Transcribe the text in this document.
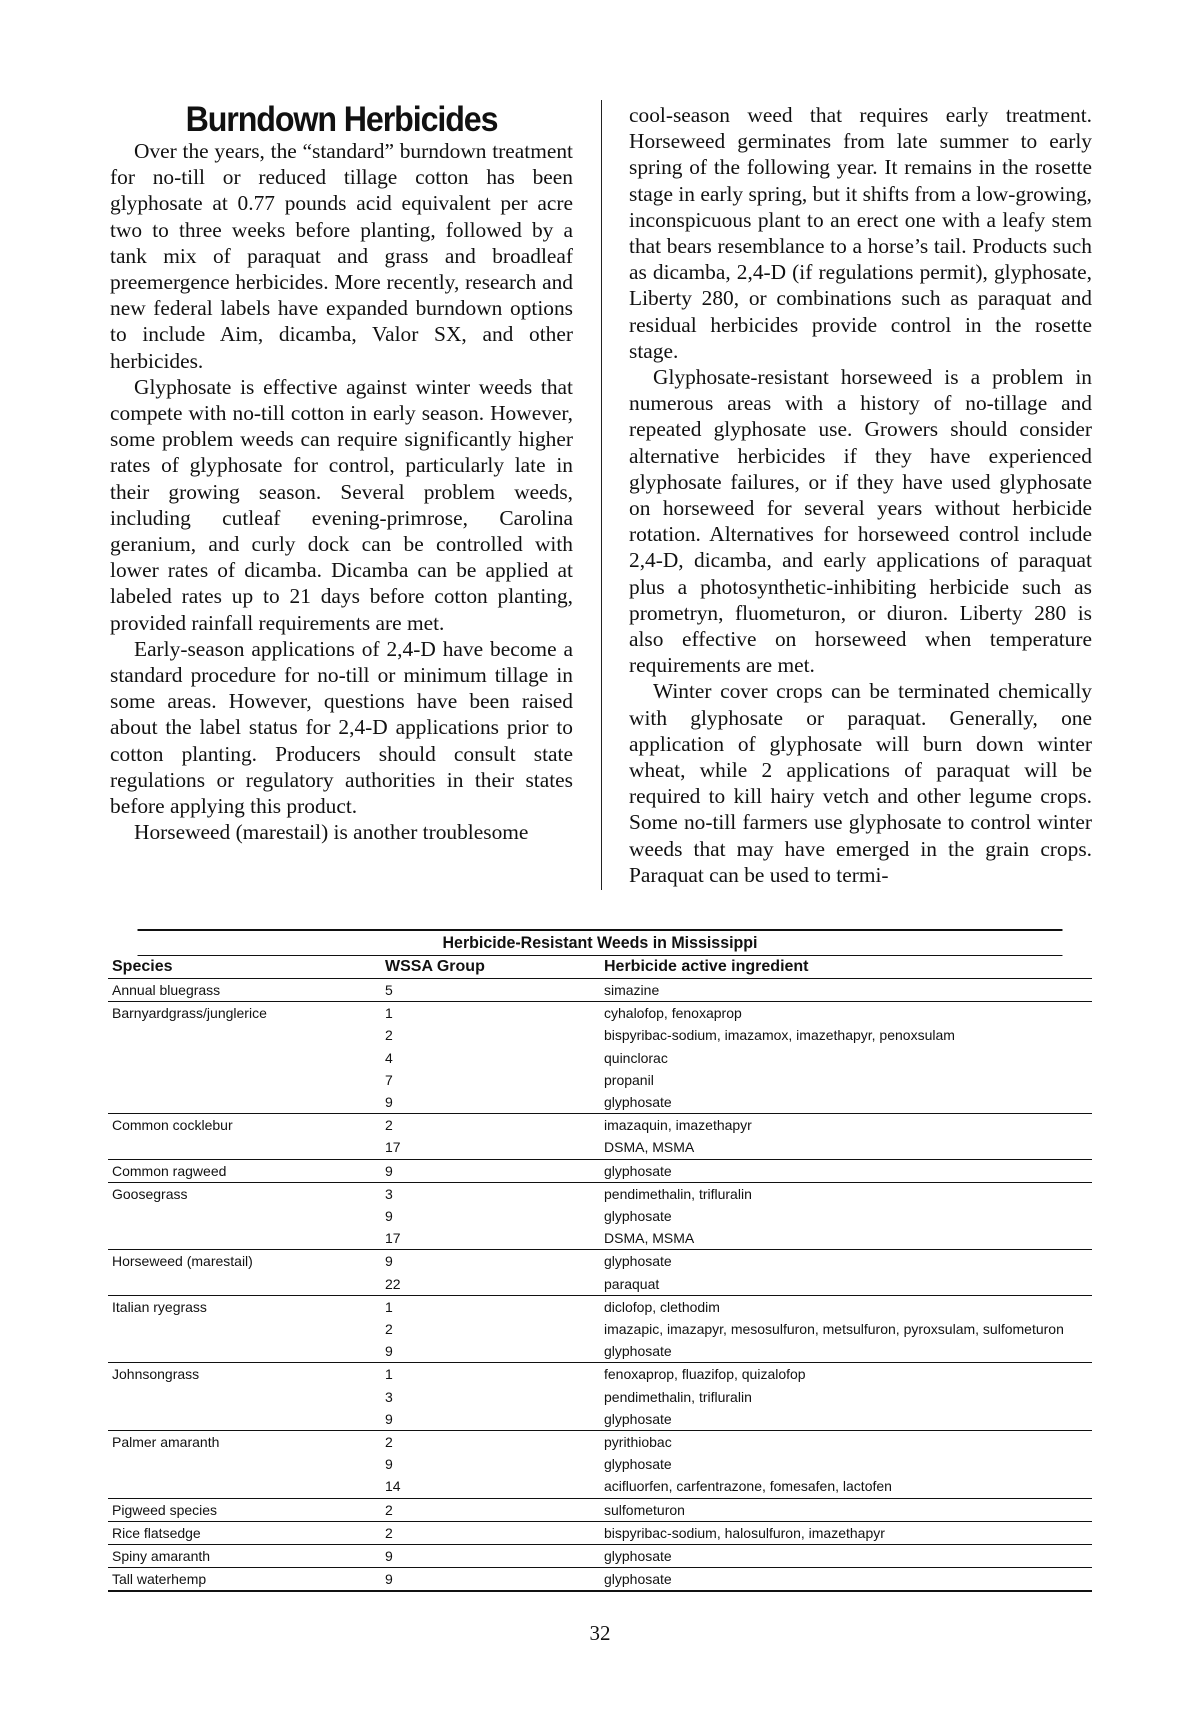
Burndown Herbicides

Over the years, the “standard” burndown treatment for no-till or reduced tillage cotton has been glyphosate at 0.77 pounds acid equivalent per acre two to three weeks before planting, followed by a tank mix of paraquat and grass and broadleaf preemergence herbicides. More recently, research and new federal labels have expanded burndown options to include Aim, dicamba, Valor SX, and other herbicides.

Glyphosate is effective against winter weeds that compete with no-till cotton in early season. However, some problem weeds can require significantly higher rates of glyphosate for control, particularly late in their growing season. Several problem weeds, including cutleaf evening-primrose, Carolina geranium, and curly dock can be controlled with lower rates of dicamba. Dicamba can be applied at labeled rates up to 21 days before cotton planting, provided rainfall requirements are met.

Early-season applications of 2,4-D have become a standard procedure for no-till or minimum tillage in some areas. However, questions have been raised about the label status for 2,4-D applications prior to cotton planting. Producers should consult state regulations or regulatory authorities in their states before applying this product.

Horseweed (marestail) is another troublesome

cool-season weed that requires early treatment. Horseweed germinates from late summer to early spring of the following year. It remains in the rosette stage in early spring, but it shifts from a low-growing, inconspicuous plant to an erect one with a leafy stem that bears resemblance to a horse’s tail. Products such as dicamba, 2,4-D (if regulations permit), glyphosate, Liberty 280, or combinations such as paraquat and residual herbicides provide control in the rosette stage.

Glyphosate-resistant horseweed is a problem in numerous areas with a history of no-tillage and repeated glyphosate use. Growers should consider alternative herbicides if they have experienced glyphosate failures, or if they have used glyphosate on horseweed for several years without herbicide rotation. Alternatives for horseweed control include 2,4-D, dicamba, and early applications of paraquat plus a photosynthetic-inhibiting herbicide such as prometryn, fluometuron, or diuron. Liberty 280 is also effective on horseweed when temperature requirements are met.

Winter cover crops can be terminated chemically with glyphosate or paraquat. Generally, one application of glyphosate will burn down winter wheat, while 2 applications of paraquat will be required to kill hairy vetch and other legume crops. Some no-till farmers use glyphosate to control winter weeds that may have emerged in the grain crops. Paraquat can be used to termi-

Herbicide-Resistant Weeds in Mississippi
Species	WSSA Group	Herbicide active ingredient
Annual bluegrass	5	simazine
Barnyardgrass/junglerice	1	cyhalofop, fenoxaprop
2	bispyribac-sodium, imazamox, imazethapyr, penoxsulam
4	quinclorac
7	propanil
9	glyphosate
Common cocklebur	2	imazaquin, imazethapyr
17	DSMA, MSMA
Common ragweed	9	glyphosate
Goosegrass	3	pendimethalin, trifluralin
9	glyphosate
17	DSMA, MSMA
Horseweed (marestail)	9	glyphosate
22	paraquat
Italian ryegrass	1	diclofop, clethodim
2	imazapic, imazapyr, mesosulfuron, metsulfuron, pyroxsulam, sulfometuron
9	glyphosate
Johnsongrass	1	fenoxaprop, fluazifop, quizalofop
3	pendimethalin, trifluralin
9	glyphosate
Palmer amaranth	2	pyrithiobac
9	glyphosate
14	acifluorfen, carfentrazone, fomesafen, lactofen
Pigweed species	2	sulfometuron
Rice flatsedge	2	bispyribac-sodium, halosulfuron, imazethapyr
Spiny amaranth	9	glyphosate
Tall waterhemp	9	glyphosate
32
